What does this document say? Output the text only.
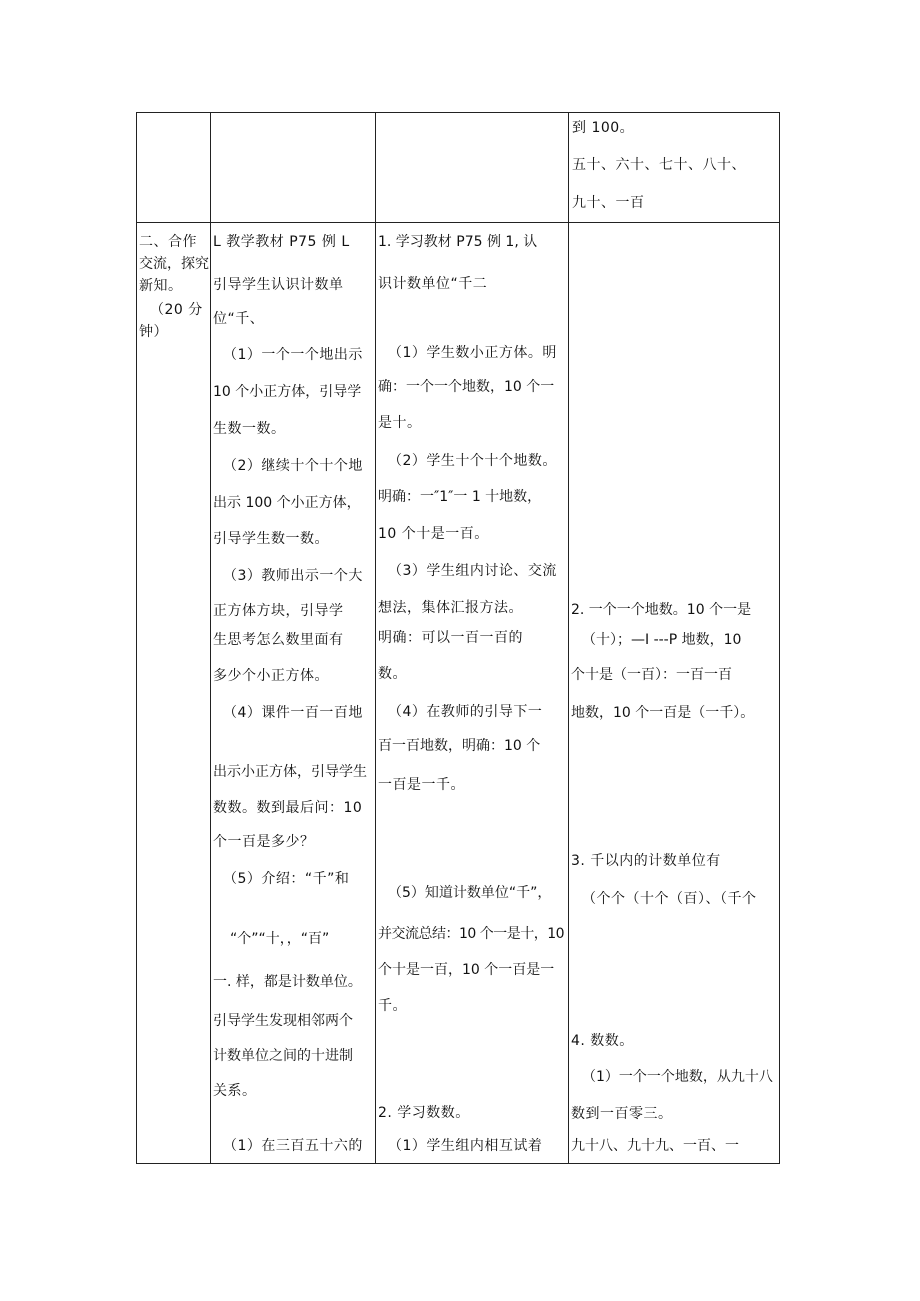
到 100。
五十、六十、七十、八十、
九十、一百
二、合作
交流，探究
新知。
（20 分
钟）
L 教学教材 P75 例 L
引导学生认识计数单
位“千、
（1）一个一个地出示
10 个小正方体，引导学
生数一数。
（2）继续十个十个地
出示 100 个小正方体，
引导学生数一数。
（3）教师出示一个大
正方体方块，引导学
生思考怎么数里面有
多少个小正方体。
（4）课件一百一百地
出示小正方体，引导学生
数数。数到最后问：10
个一百是多少？
（5）介绍：“千”和
“个”“十，，“百”
一. 样，都是计数单位。
引导学生发现相邻两个
计数单位之间的十进制
关系。
（1）在三百五十六的
1. 学习教材 P75 例 1, 认
识计数单位“千二
（1）学生数小正方体。明
确：一个一个地数，10 个一
是十。
（2）学生十个十个地数。
明确：一″1″一 1 十地数，
10 个十是一百。
（3）学生组内讨论、交流
想法，集体汇报方法。
明确：可以一百一百的
数。
（4）在教师的引导下一
百一百地数，明确：10 个
一百是一千。
（5）知道计数单位“千”，
并交流总结：10 个一是十，10
个十是一百，10 个一百是一
千。
2. 学习数数。
（1）学生组内相互试着
2. 一个一个地数。10 个一是
（十）；—I ---P 地数，10
个十是（一百）：一百一百
地数，10 个一百是（一千）。
3. 千以内的计数单位有
（个个（十个（百）、（千个
4. 数数。
（1）一个一个地数，从九十八
数到一百零三。
九十八、九十九、一百、一
